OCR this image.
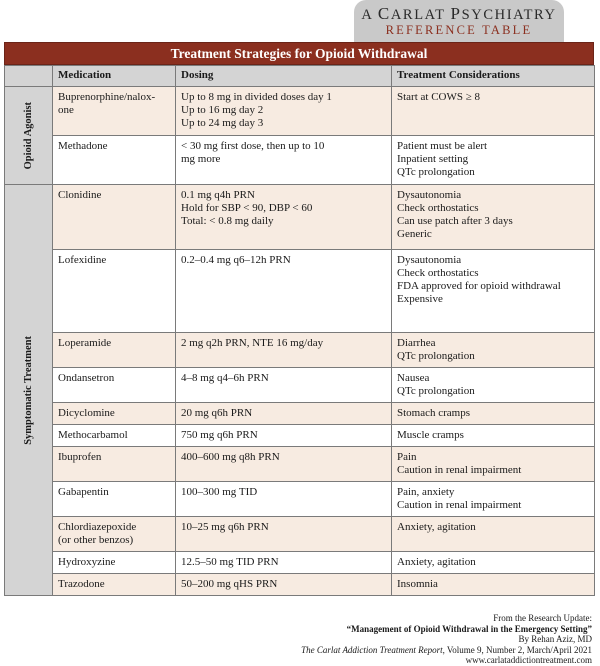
A CARLAT PSYCHIATRY
REFERENCE TABLE
Treatment Strategies for Opioid Withdrawal
	Medication	Dosing	Treatment Considerations

Opioid Agonist	Buprenorphine/nalox-
one	Up to 8 mg in divided doses day 1
Up to 16 mg day 2
Up to 24 mg day 3	Start at COWS ≥ 8

	Methadone	< 30 mg first dose, then up to 10
mg more	Patient must be alert
Inpatient setting
QTc prolongation

Symptomatic Treatment	Clonidine	0.1 mg q4h PRN
Hold for SBP < 90, DBP < 60
Total: < 0.8 mg daily	Dysautonomia
Check orthostatics
Can use patch after 3 days
Generic

	Lofexidine	0.2–0.4 mg q6–12h PRN	Dysautonomia
Check orthostatics
FDA approved for opioid withdrawal
Expensive

	Loperamide	2 mg q2h PRN, NTE 16 mg/day	Diarrhea
QTc prolongation

	Ondansetron	4–8 mg q4–6h PRN	Nausea
QTc prolongation

	Dicyclomine	20 mg q6h PRN	Stomach cramps

	Methocarbamol	750 mg q6h PRN	Muscle cramps

	Ibuprofen	400–600 mg q8h PRN	Pain
Caution in renal impairment

	Gabapentin	100–300 mg TID	Pain, anxiety
Caution in renal impairment

	Chlordiazepoxide
(or other benzos)	10–25 mg q6h PRN	Anxiety, agitation

	Hydroxyzine	12.5–50 mg TID PRN	Anxiety, agitation

	Trazodone	50–200 mg qHS PRN	Insomnia
From the Research Update:
“Management of Opioid Withdrawal in the Emergency Setting”
By Rehan Aziz, MD
The Carlat Addiction Treatment Report, Volume 9, Number 2, March/April 2021
www.carlataddictiontreatment.com
